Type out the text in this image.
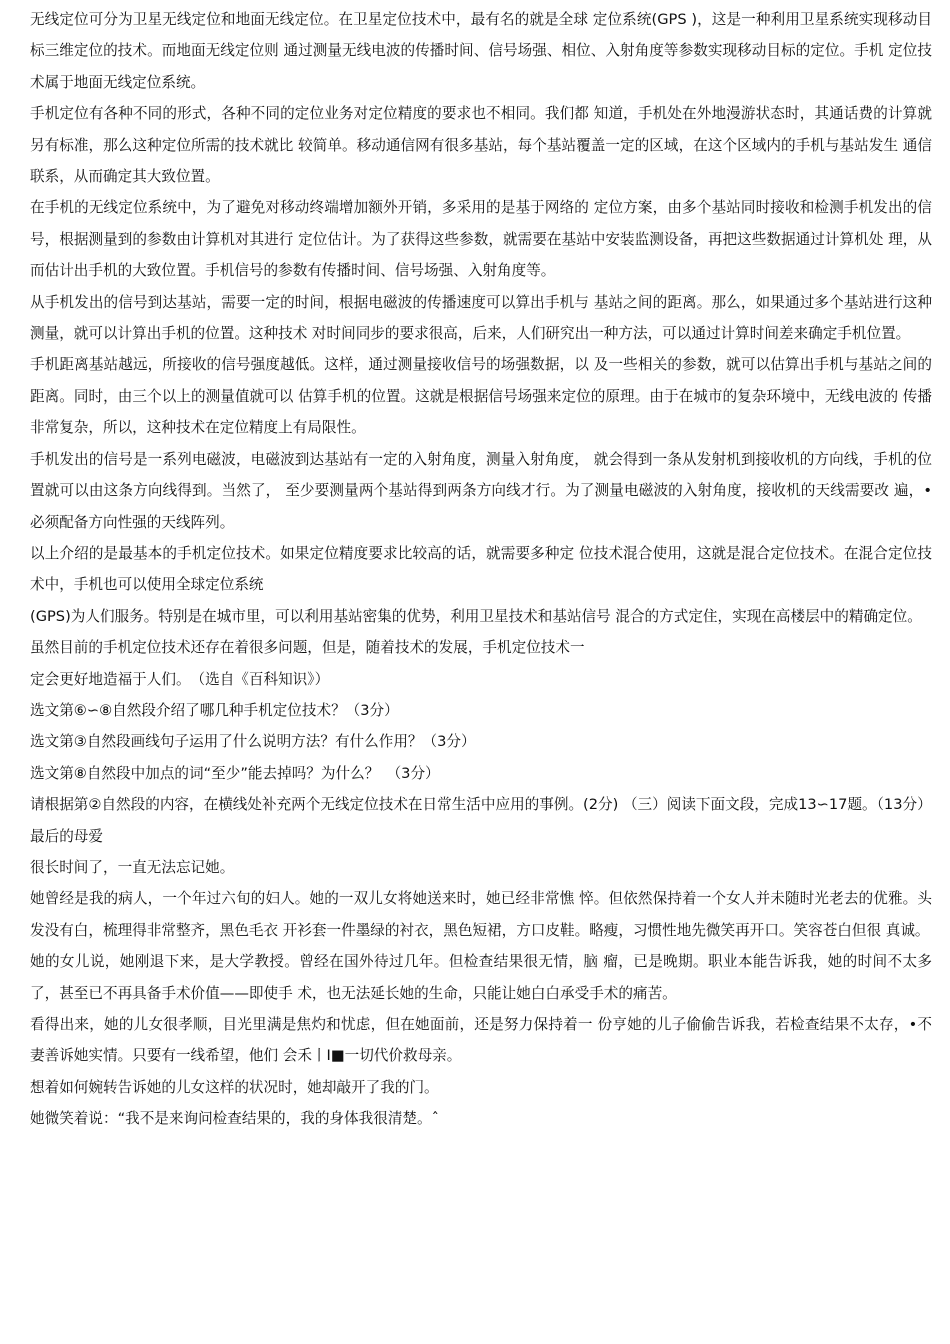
无线定位可分为卫星无线定位和地面无线定位。在卫星定位技术中，最有名的就是全球 定位系统(GPS )，这是一种利用卫星系统实现移动目标三维定位的技术。而地面无线定位则 通过测量无线电波的传播时间、信号场强、相位、入射角度等参数实现移动目标的定位。手机 定位技术属于地面无线定位系统。

手机定位有各种不同的形式，各种不同的定位业务对定位精度的要求也不相同。我们都 知道，手机处在外地漫游状态时，其通话费的计算就另有标准，那么这种定位所需的技术就比 较简单。移动通信网有很多基站，每个基站覆盖一定的区域，在这个区域内的手机与基站发生 通信联系，从而确定其大致位置。

在手机的无线定位系统中，为了避免对移动终端增加额外开销，多采用的是基于网络的 定位方案，由多个基站同时接收和检测手机发出的信号，根据测量到的参数由计算机对其进行 定位估计。为了获得这些参数，就需要在基站中安装监测设备，再把这些数据通过计算机处 理，从而估计出手机的大致位置。手机信号的参数有传播时间、信号场强、入射角度等。

从手机发出的信号到达基站，需要一定的时间，根据电磁波的传播速度可以算出手机与 基站之间的距离。那么，如果通过多个基站进行这种测量，就可以计算出手机的位置。这种技术 对时间同步的要求很高，后来，人们研究出一种方法，可以通过计算时间差来确定手机位置。

手机距离基站越远，所接收的信号强度越低。这样，通过测量接收信号的场强数据，以 及一些相关的参数，就可以估算出手机与基站之间的距离。同时，由三个以上的测量值就可以 估算手机的位置。这就是根据信号场强来定位的原理。由于在城市的复杂环境中，无线电波的 传播非常复杂，所以，这种技术在定位精度上有局限性。

手机发出的信号是一系列电磁波，电磁波到达基站有一定的入射角度，测量入射角度， 就会得到一条从发射机到接收机的方向线，手机的位置就可以由这条方向线得到。当然了， 至少要测量两个基站得到两条方向线才行。为了测量电磁波的入射角度，接收机的天线需要改 遍，•必须配备方向性强的天线阵列。

以上介绍的是最基本的手机定位技术。如果定位精度要求比较高的话，就需要多种定 位技术混合使用，这就是混合定位技术。在混合定位技术中，手机也可以使用全球定位系统

(GPS)为人们服务。特别是在城市里，可以利用基站密集的优势，利用卫星技术和基站信号 混合的方式定住，实现在高楼层中的精确定位。

虽然目前的手机定位技术还存在着很多问题，但是，随着技术的发展，手机定位技术一

定会更好地造福于人们。　（选自《百科知识》）

选文第⑥∽⑧自然段介绍了哪几种手机定位技术？（3分）

选文第③自然段画线句子运用了什么说明方法？有什么作用？（3分）

选文第⑧自然段中加点的词“至少”能去掉吗？为什么？　（3分）

请根据第②自然段的内容，在横线处补充两个无线定位技术在日常生活中应用的事例。(2分) （三）阅读下面文段，完成13∽17题。（13分）

最后的母爱

很长时间了，一直无法忘记她。

她曾经是我的病人，一个年过六旬的妇人。她的一双儿女将她送来时，她已经非常憔 悴。但依然保持着一个女人并未随时光老去的优雅。头发没有白，梳理得非常整齐，黑色毛衣 开衫套一件墨绿的衬衣，黑色短裙，方口皮鞋。略瘦，习惯性地先微笑再开口。笑容苍白但很 真诚。

她的女儿说，她刚退下来，是大学教授。曾经在国外待过几年。但检查结果很无情，脑 瘤，已是晚期。职业本能告诉我，她的时间不太多了，甚至已不再具备手术价值——即使手 术，也无法延长她的生命，只能让她白白承受手术的痛苦。

看得出来，她的儿女很孝顺，目光里满是焦灼和忧虑，但在她面前，还是努力保持着一 份亨她的儿子偷偷告诉我，若检查结果不太存，•不妻善诉她实情。只要有一线希望，他们 会禾丨I■一切代价救母亲。

想着如何婉转告诉她的儿女这样的状况时，她却敲开了我的门。

她微笑着说：“我不是来询问检查结果的，我的身体我很清楚。ˆ
